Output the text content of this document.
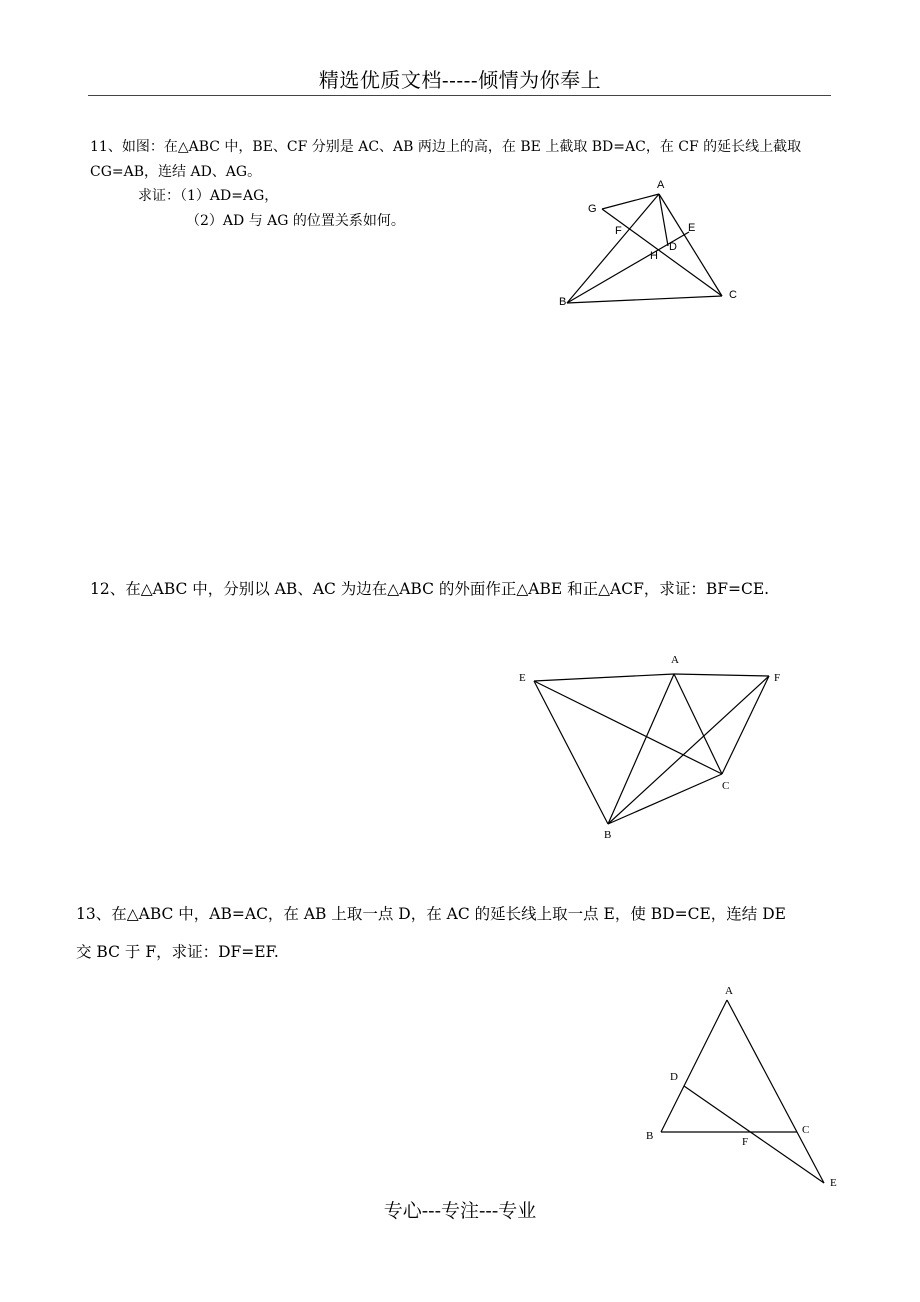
精选优质文档-----倾情为你奉上
11、如图：在△ABC 中，BE、CF 分别是 AC、AB 两边上的高，在 BE 上截取 BD=AC，在 CF 的延长线上截取
CG=AB，连结 AD、AG。
求证：（1）AD=AG，
（2）AD 与 AG 的位置关系如何。
A
B
C
D
E
F
G
H
12、在△ABC 中，分别以 AB、AC 为边在△ABC 的外面作正△ABE 和正△ACF，求证：BF=CE.
A
B
C
E	F
13、在△ABC 中，AB=AC，在 AB 上取一点 D，在 AC 的延长线上取一点 E，使 BD=CE，连结 DE
交 BC 于 F，求证：DF=EF.
A
B	C
D
E
F
专心---专注---专业
